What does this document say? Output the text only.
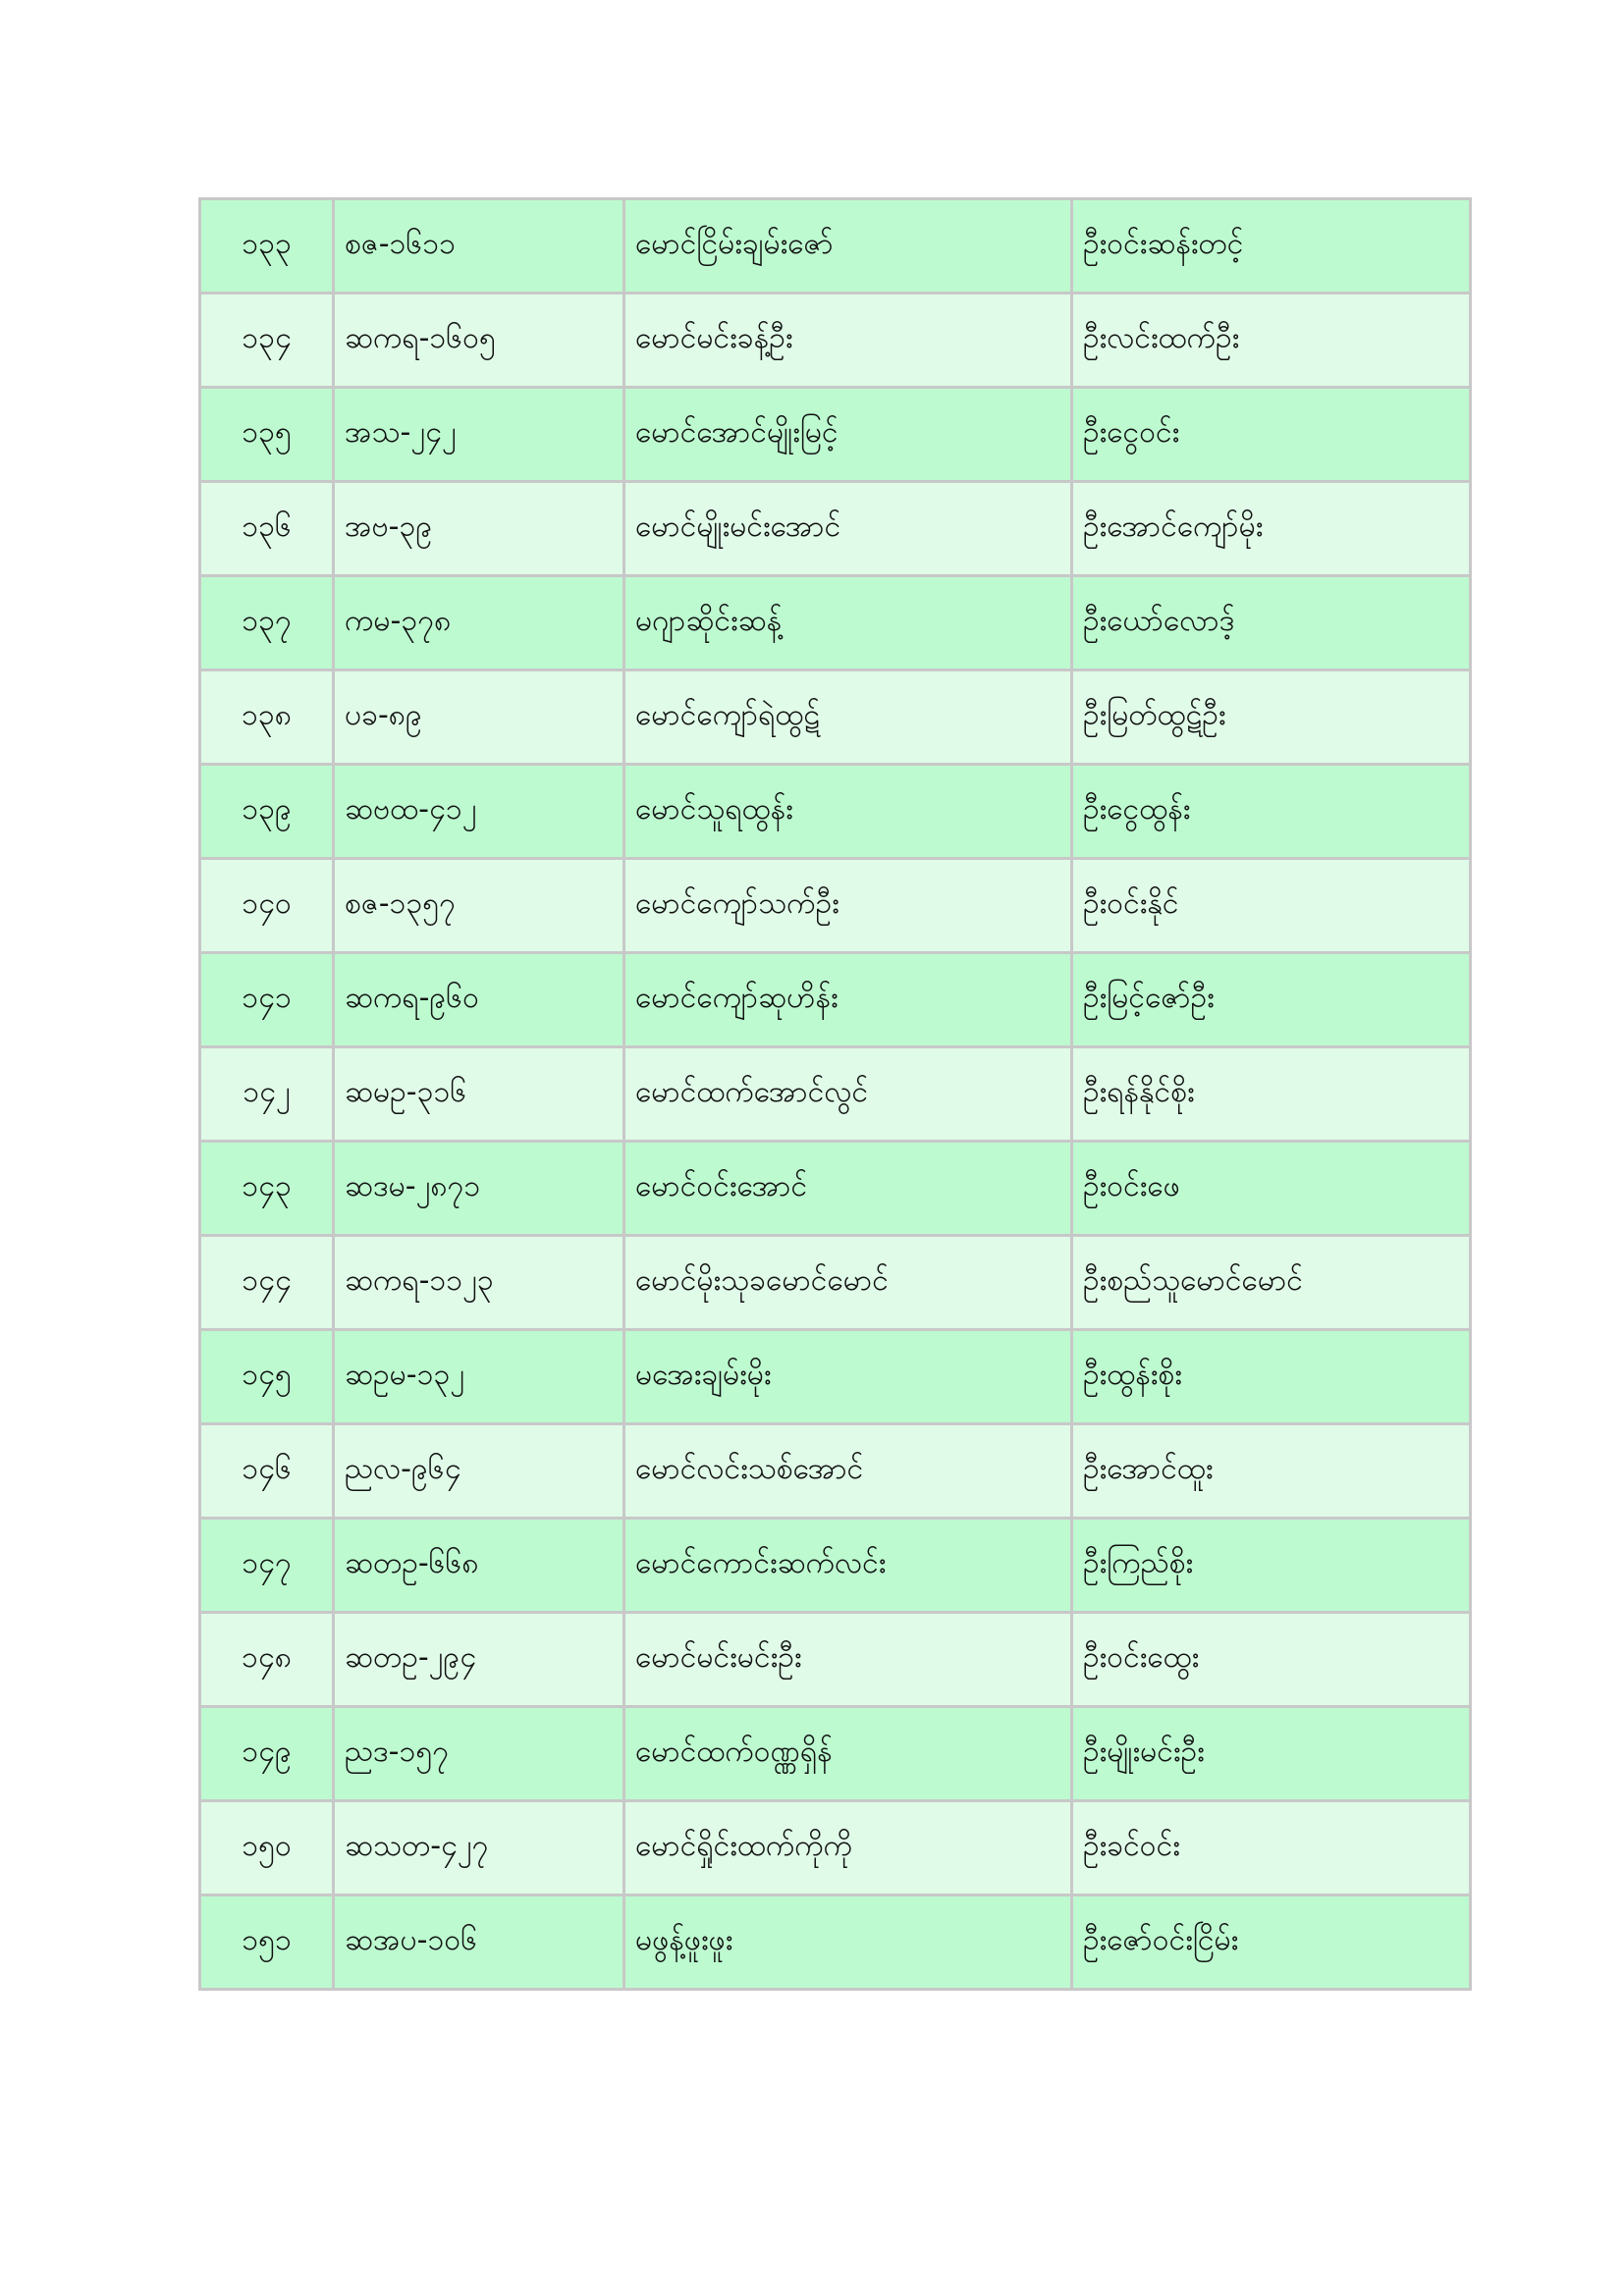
၁၃၃	စဇ-၁၆၁၁	မောင်ငြိမ်းချမ်းဇော်	ဦးဝင်းဆန်းတင့်
၁၃၄	ဆကရ-၁၆၀၅	မောင်မင်းခန့်ဦး	ဦးလင်းထက်ဦး
၁၃၅	အသ-၂၄၂	မောင်အောင်မျိုးမြင့်	ဦးငွေဝင်း
၁၃၆	အဗ-၃၉	မောင်မျိုးမင်းအောင်	ဦးအောင်ကျော်မိုး
၁၃၇	ကမ-၃၇၈	မဂျာဆိုင်းဆန့်	ဦးယော်လောဒ့်
၁၃၈	ပခ-၈၉	မောင်ကျော်ရဲထွဋ်	ဦးမြတ်ထွဋ်ဦး
၁၃၉	ဆဗထ-၄၁၂	မောင်သူရထွန်း	ဦးငွေထွန်း
၁၄၀	စဇ-၁၃၅၇	မောင်ကျော်သက်ဦး	ဦးဝင်းနိုင်
၁၄၁	ဆကရ-၉၆၀	မောင်ကျော်ဆုဟိန်း	ဦးမြင့်ဇော်ဦး
၁၄၂	ဆမဥ-၃၁၆	မောင်ထက်အောင်လွင်	ဦးရန်နိုင်စိုး
၁၄၃	ဆဒမ-၂၈၇၁	မောင်ဝင်းအောင်	ဦးဝင်းဖေ
၁၄၄	ဆကရ-၁၁၂၃	မောင်မိုးသုခမောင်မောင်	ဦးစည်သူမောင်မောင်
၁၄၅	ဆဥမ-၁၃၂	မအေးချမ်းမိုး	ဦးထွန်းစိုး
၁၄၆	ညလ-၉၆၄	မောင်လင်းသစ်အောင်	ဦးအောင်ထူး
၁၄၇	ဆတဥ-၆၆၈	မောင်ကောင်းဆက်လင်း	ဦးကြည်စိုး
၁၄၈	ဆတဥ-၂၉၄	မောင်မင်းမင်းဦး	ဦးဝင်းထွေး
၁၄၉	ညဒ-၁၅၇	မောင်ထက်ဝဏ္ဏရှိန်	ဦးမျိုးမင်းဦး
၁၅၀	ဆသတ-၄၂၇	မောင်ရှိုင်းထက်ကိုကို	ဦးခင်ဝင်း
၁၅၁	ဆအပ-၁၀၆	မဖွန့်ဖူးဖူး	ဦးဇော်ဝင်းငြိမ်း
